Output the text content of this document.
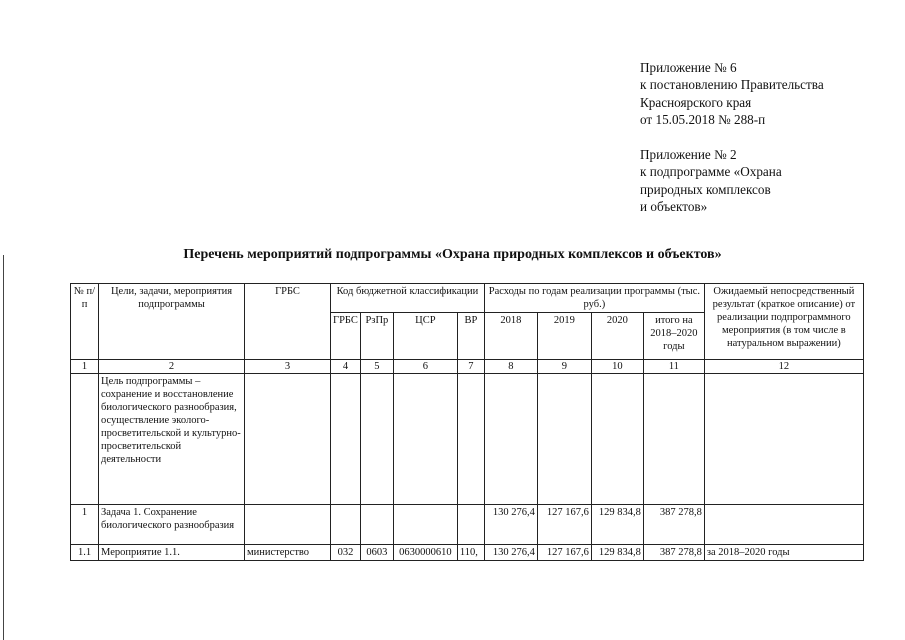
Приложение № 6
к постановлению Правительства
Красноярского края
от 15.05.2018 № 288-п
Приложение № 2
к подпрограмме «Охрана
природных комплексов
и объектов»
Перечень мероприятий подпрограммы «Охрана природных комплексов и объектов»
№ п/п	Цели, задачи, мероприятия подпрограммы	ГРБС	Код бюджетной классификации				Расходы по годам реализации программы (тыс. руб.)				Ожидаемый непосредственный результат (краткое описание) от реализации подпрограммного мероприятия (в том числе в натуральном выражении)
			ГРБС	РзПр	ЦСР	ВР	2018	2019	2020	итого на 2018–2020 годы	
1	2	3	4	5	6	7	8	9	10	11	12
	Цель подпрограммы – сохранение и восстановление биологического разнообразия, осуществление эколого-просветительской и культурно-просветительской деятельности										
1	Задача 1. Сохранение биологического разнообразия						130 276,4	127 167,6	129 834,8	387 278,8	
1.1	Мероприятие 1.1.	министерство	032	0603	0630000610	110,	130 276,4	127 167,6	129 834,8	387 278,8	за 2018–2020 годы
